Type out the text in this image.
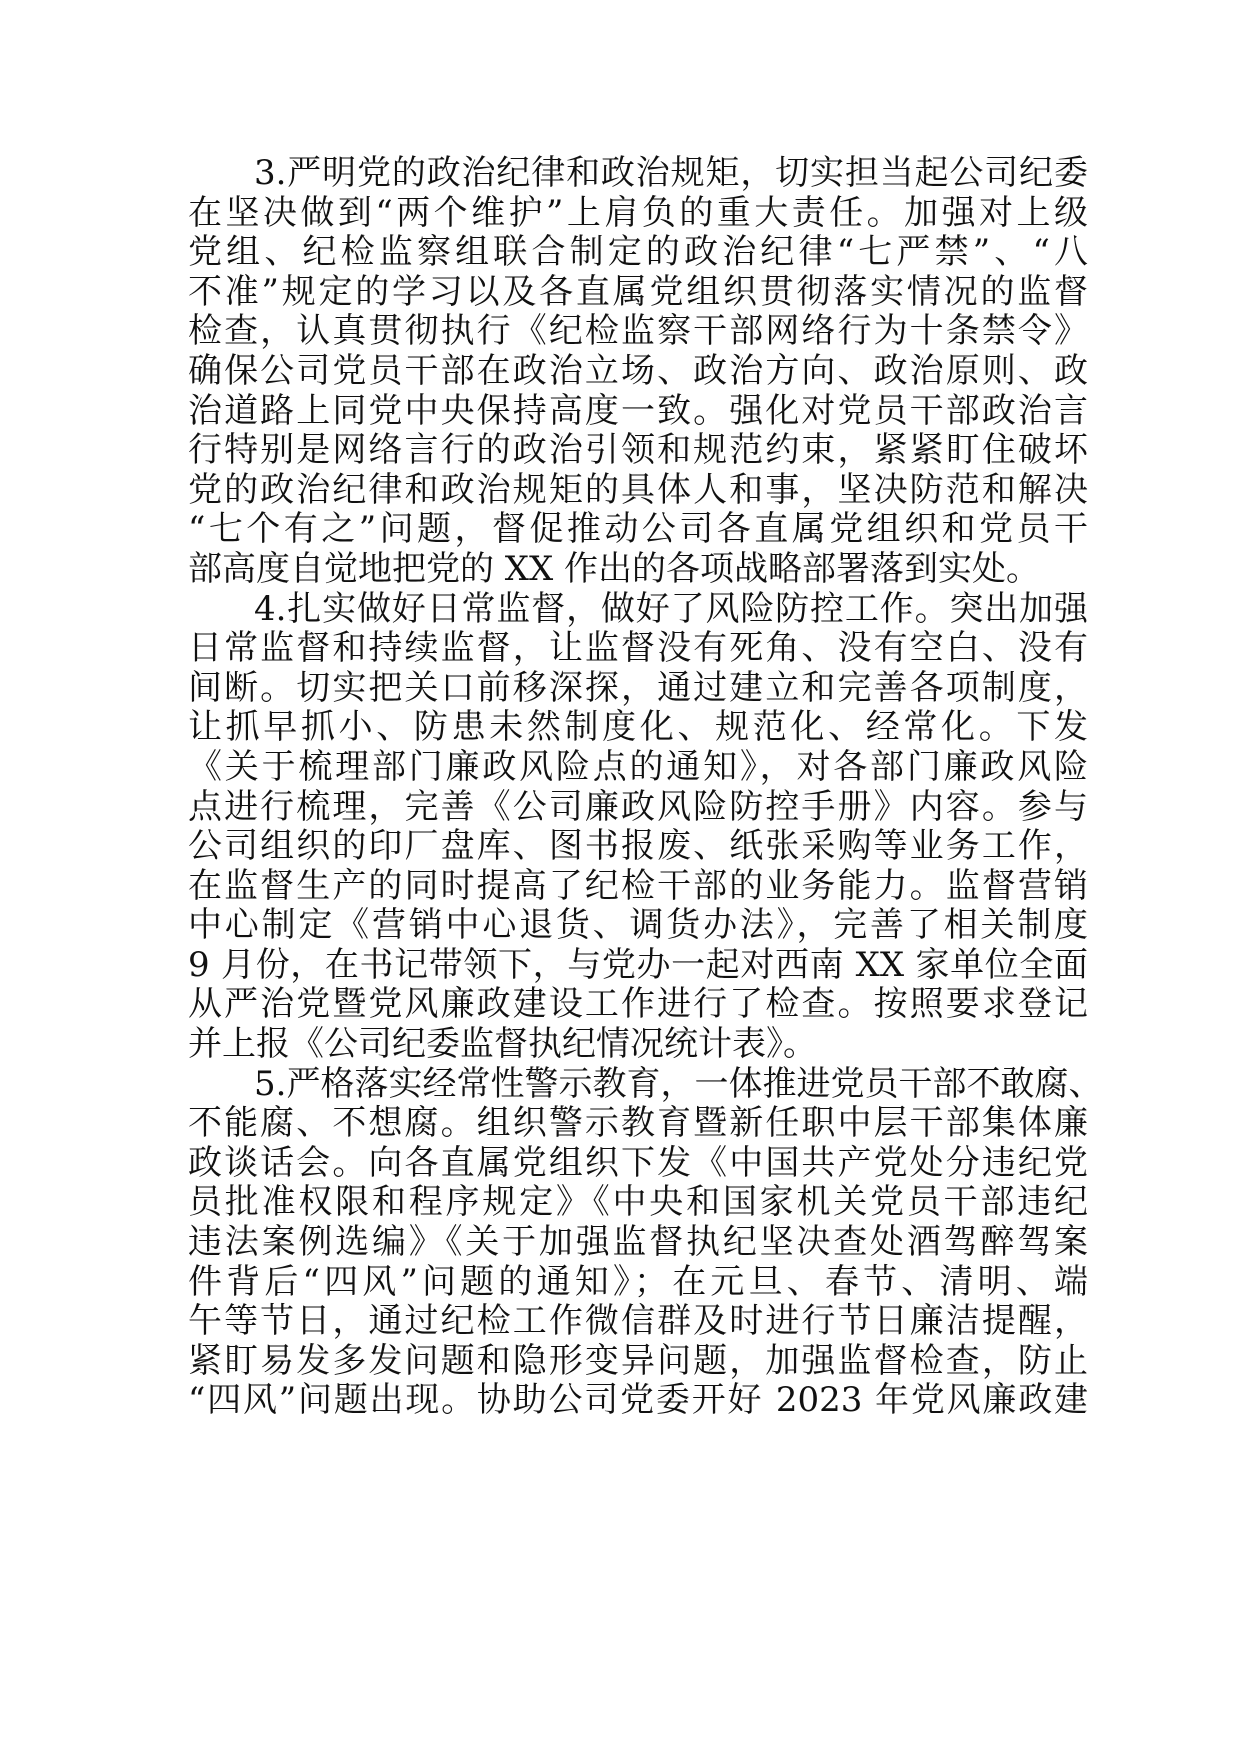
3.严明党的政治纪律和政治规矩，切实担当起公司纪委
在坚决做到“两个维护”上肩负的重大责任。加强对上级
党组、纪检监察组联合制定的政治纪律“七严禁”、“八
不准”规定的学习以及各直属党组织贯彻落实情况的监督
检查，认真贯彻执行《纪检监察干部网络行为十条禁令》
确保公司党员干部在政治立场、政治方向、政治原则、政
治道路上同党中央保持高度一致。强化对党员干部政治言
行特别是网络言行的政治引领和规范约束，紧紧盯住破坏
党的政治纪律和政治规矩的具体人和事，坚决防范和解决
“七个有之”问题，督促推动公司各直属党组织和党员干
部高度自觉地把党的 XX 作出的各项战略部署落到实处。
4.扎实做好日常监督，做好了风险防控工作。突出加强
日常监督和持续监督，让监督没有死角、没有空白、没有
间断。切实把关口前移深探，通过建立和完善各项制度，
让抓早抓小、防患未然制度化、规范化、经常化。下发
《关于梳理部门廉政风险点的通知》，对各部门廉政风险
点进行梳理，完善《公司廉政风险防控手册》内容。参与
公司组织的印厂盘库、图书报废、纸张采购等业务工作，
在监督生产的同时提高了纪检干部的业务能力。监督营销
中心制定《营销中心退货、调货办法》，完善了相关制度
9 月份，在书记带领下，与党办一起对西南 XX 家单位全面
从严治党暨党风廉政建设工作进行了检查。按照要求登记
并上报《公司纪委监督执纪情况统计表》。
5.严格落实经常性警示教育，一体推进党员干部不敢腐、
不能腐、不想腐。组织警示教育暨新任职中层干部集体廉
政谈话会。向各直属党组织下发《中国共产党处分违纪党
员批准权限和程序规定》《中央和国家机关党员干部违纪
违法案例选编》《关于加强监督执纪坚决查处酒驾醉驾案
件背后“四风”问题的通知》；在元旦、春节、清明、端
午等节日，通过纪检工作微信群及时进行节日廉洁提醒，
紧盯易发多发问题和隐形变异问题，加强监督检查，防止
“四风”问题出现。协助公司党委开好 2023 年党风廉政建
